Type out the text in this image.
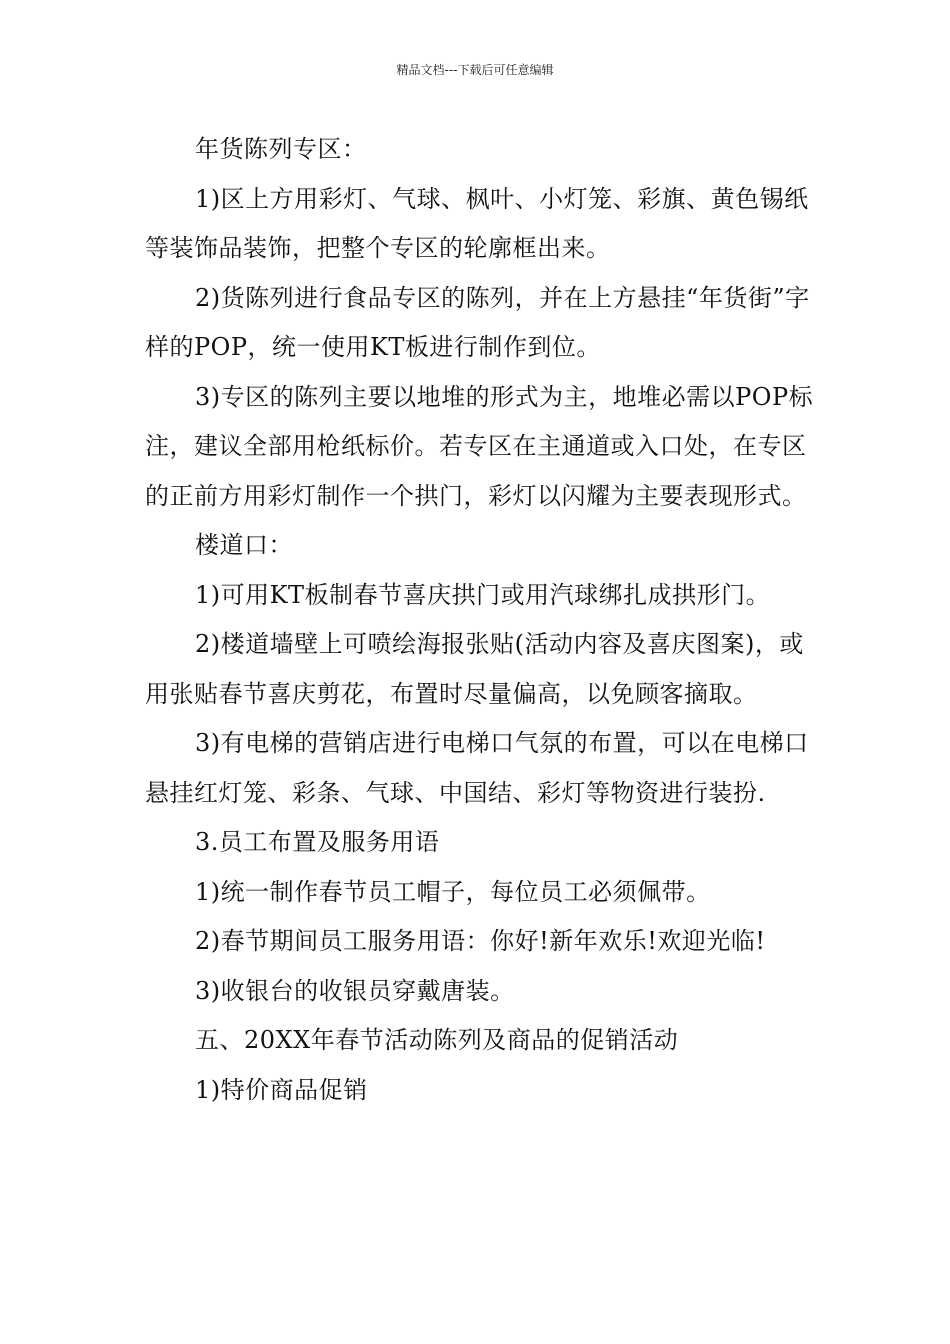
精品文档---下载后可任意编辑

年货陈列专区：

1)区上方用彩灯、气球、枫叶、小灯笼、彩旗、黄色锡纸等装饰品装饰，把整个专区的轮廓框出来。

2)货陈列进行食品专区的陈列，并在上方悬挂“年货街”字样的POP，统一使用KT板进行制作到位。

3)专区的陈列主要以地堆的形式为主，地堆必需以POP标注，建议全部用枪纸标价。若专区在主通道或入口处，在专区的正前方用彩灯制作一个拱门，彩灯以闪耀为主要表现形式。

楼道口：

1)可用KT板制春节喜庆拱门或用汽球绑扎成拱形门。

2)楼道墙壁上可喷绘海报张贴(活动内容及喜庆图案)，或用张贴春节喜庆剪花，布置时尽量偏高，以免顾客摘取。

3)有电梯的营销店进行电梯口气氛的布置，可以在电梯口悬挂红灯笼、彩条、气球、中国结、彩灯等物资进行装扮.

3.员工布置及服务用语

1)统一制作春节员工帽子，每位员工必须佩带。

2)春节期间员工服务用语：你好!新年欢乐!欢迎光临!

3)收银台的收银员穿戴唐装。

五、20XX年春节活动陈列及商品的促销活动

1)特价商品促销
